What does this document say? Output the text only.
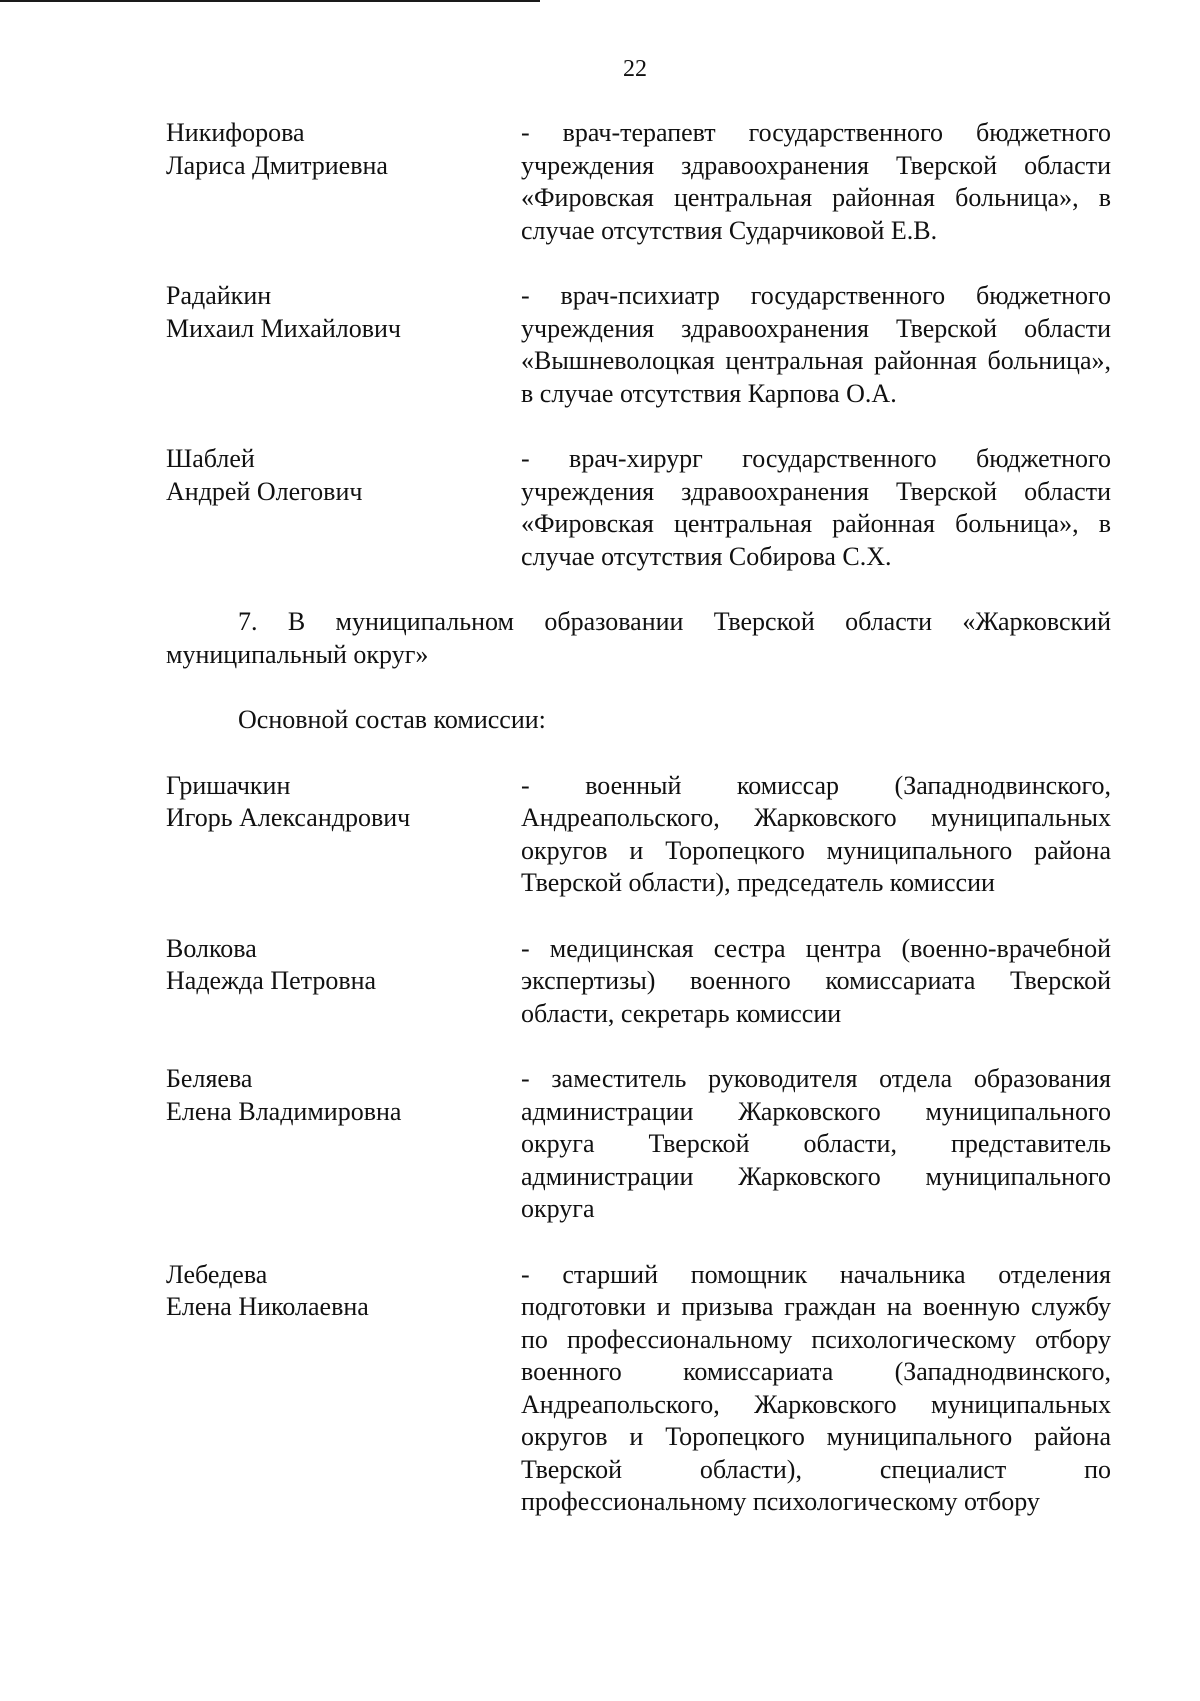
22
Никифорова
Лариса Дмитриевна
- врач-терапевт государственного бюджетного учреждения здравоохранения Тверской области «Фировская центральная районная больница», в случае отсутствия Сударчиковой Е.В.
Радайкин
Михаил Михайлович
- врач-психиатр государственного бюджетного учреждения здравоохранения Тверской области «Вышневолоцкая центральная районная больница», в случае отсутствия Карпова О.А.
Шаблей
Андрей Олегович
- врач-хирург государственного бюджетного учреждения здравоохранения Тверской области «Фировская центральная районная больница», в случае отсутствия Собирова С.Х.

7. В муниципальном образовании Тверской области «Жарковский муниципальный округ»

Основной состав комиссии:

Гришачкин
Игорь Александрович
- военный комиссар (Западнодвинского, Андреапольского, Жарковского муниципальных округов и Торопецкого муниципального района Тверской области), председатель комиссии
Волкова
Надежда Петровна
- медицинская сестра центра (военно-врачебной экспертизы) военного комиссариата Тверской области, секретарь комиссии
Беляева
Елена Владимировна
- заместитель руководителя отдела образования администрации Жарковского муниципального округа Тверской области, представитель администрации Жарковского муниципального округа
Лебедева
Елена Николаевна
- старший помощник начальника отделения подготовки и призыва граждан на военную службу по профессиональному психологическому отбору военного комиссариата (Западнодвинского, Андреапольского, Жарковского муниципальных округов и Торопецкого муниципального района Тверской области), специалист по профессиональному психологическому отбору
